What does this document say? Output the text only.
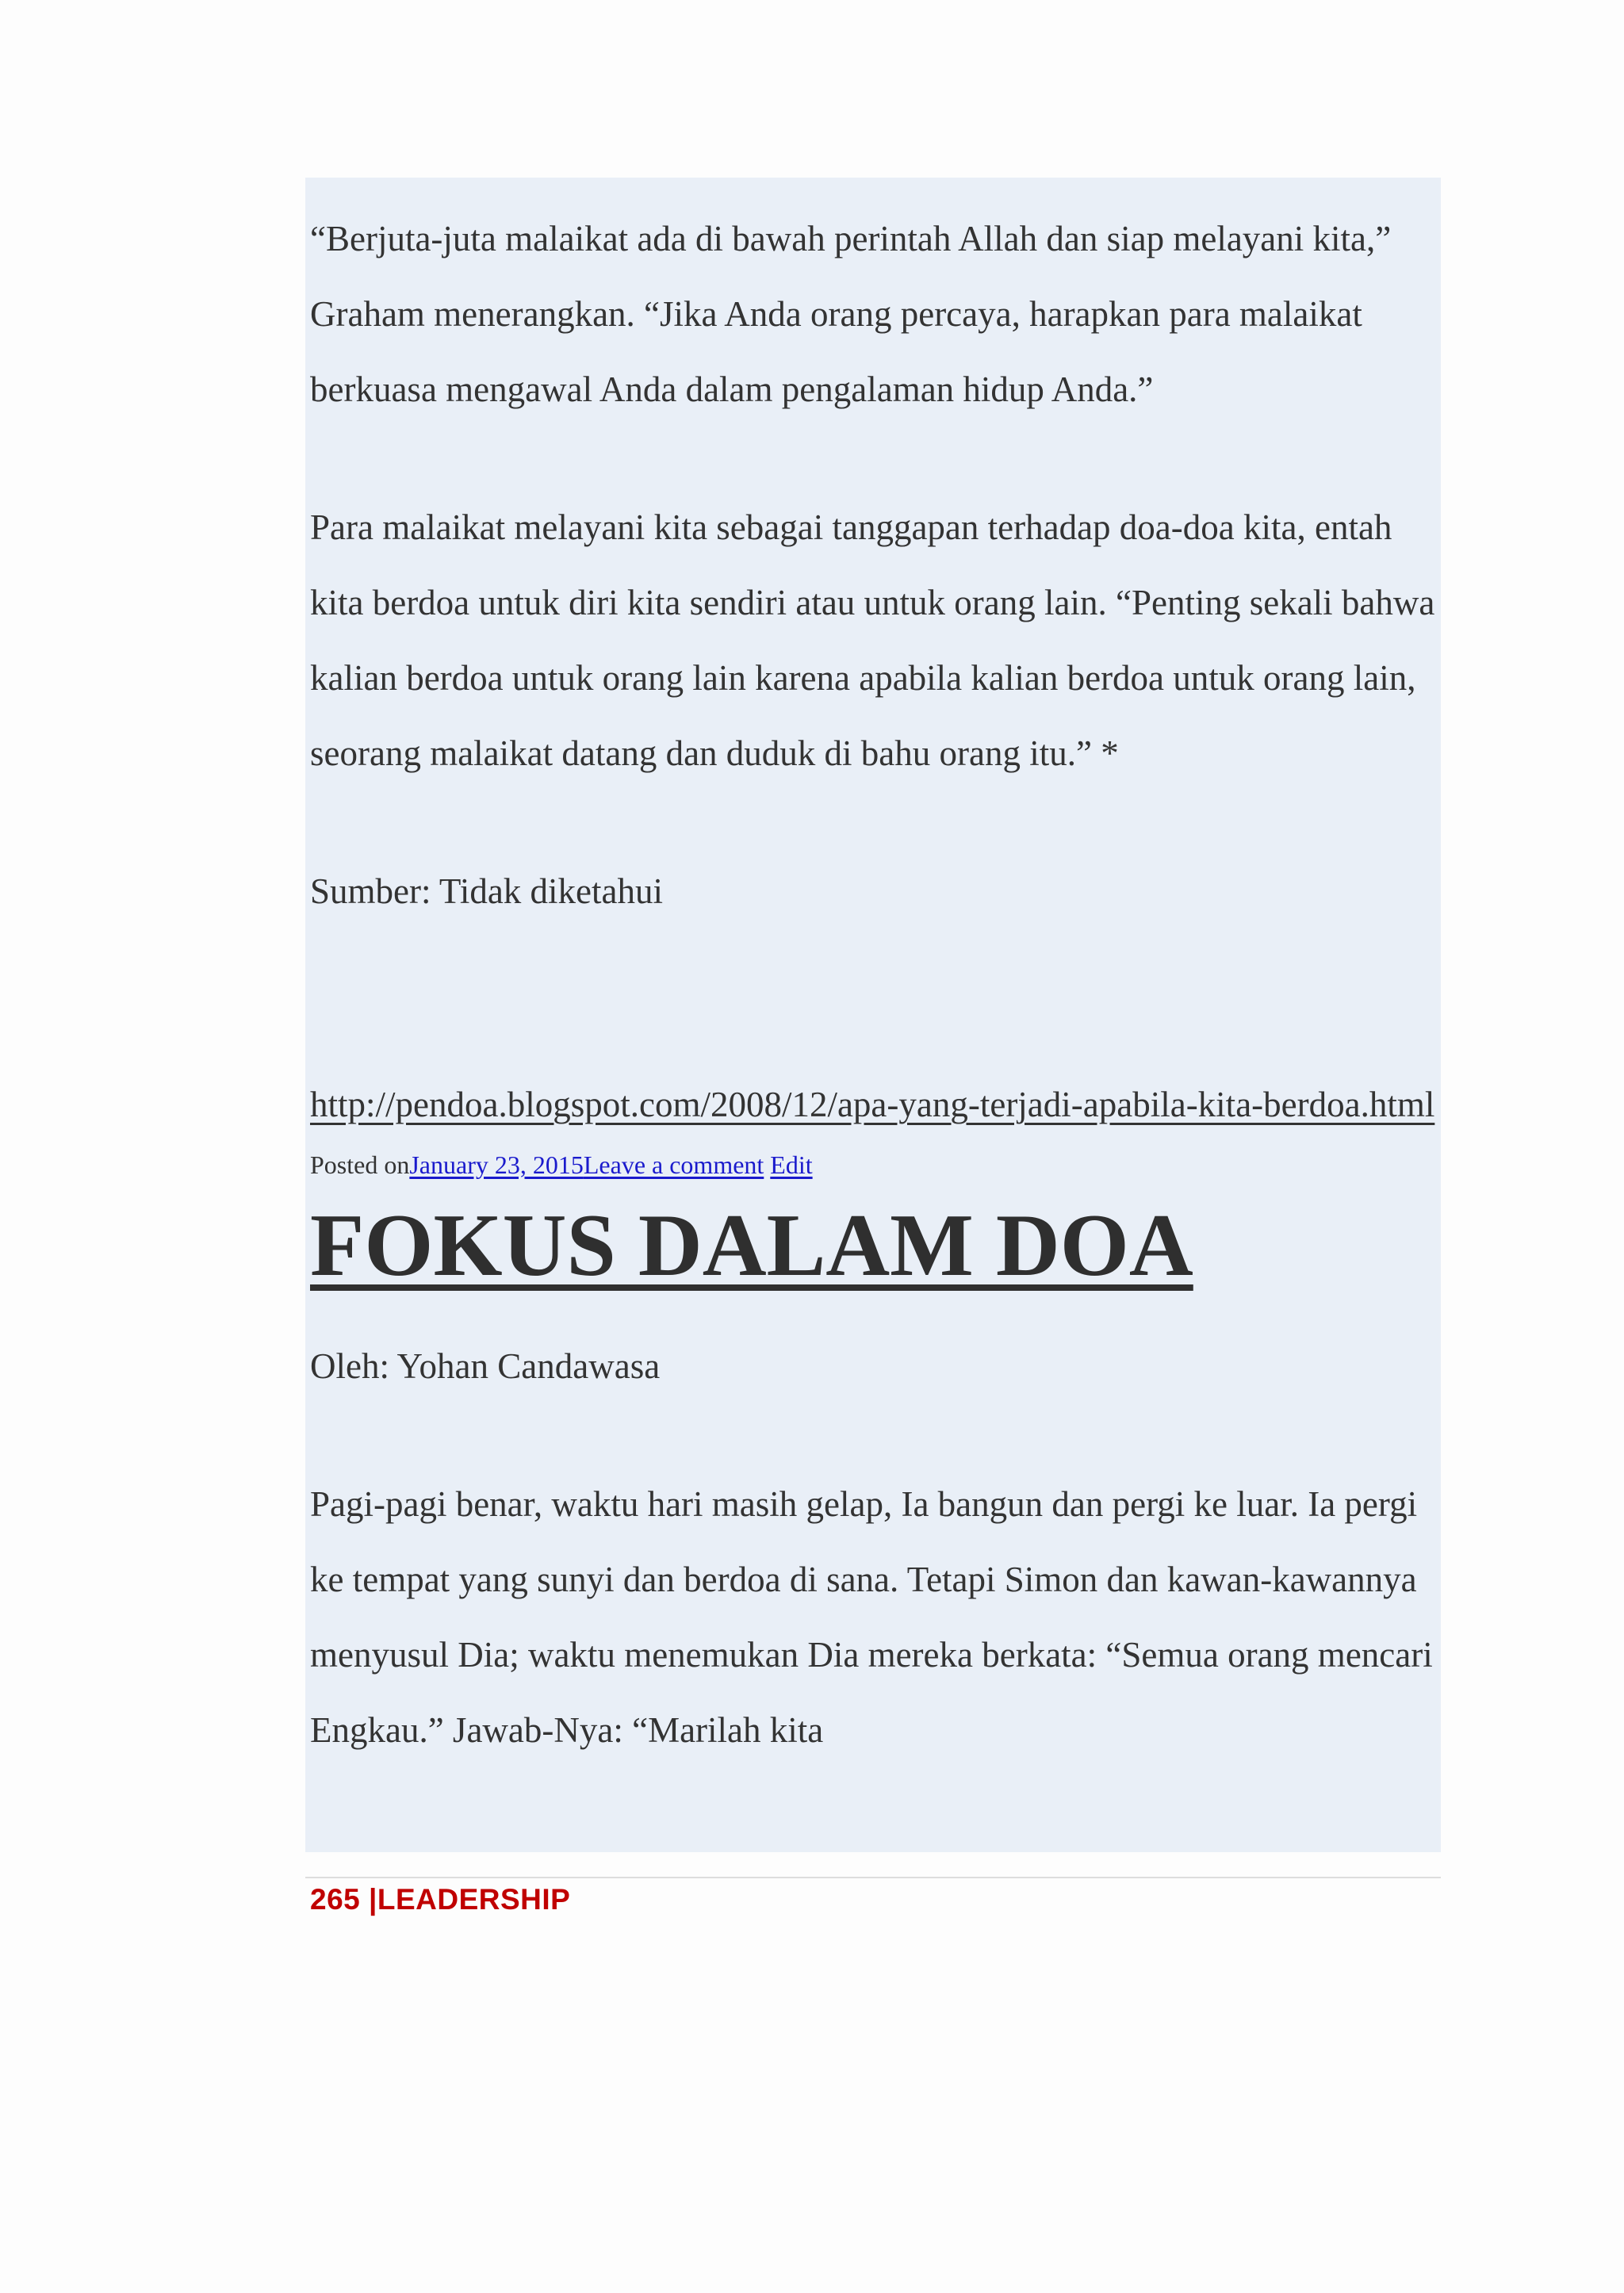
“Berjuta-juta malaikat ada di bawah perintah Allah dan siap melayani kita,” Graham menerangkan. “Jika Anda orang percaya, harapkan para malaikat berkuasa mengawal Anda dalam pengalaman hidup Anda.”

Para malaikat melayani kita sebagai tanggapan terhadap doa-doa kita, entah kita berdoa untuk diri kita sendiri atau untuk orang lain. “Penting sekali bahwa kalian berdoa untuk orang lain karena apabila kalian berdoa untuk orang lain, seorang malaikat datang dan duduk di bahu orang itu.” *

Sumber: Tidak diketahui

http://pendoa.blogspot.com/2008/12/apa-yang-terjadi-apabila-kita-berdoa.html

Posted onJanuary 23, 2015Leave a comment Edit
FOKUS DALAM DOA

Oleh: Yohan Candawasa

Pagi-pagi benar, waktu hari masih gelap, Ia bangun dan pergi ke luar. Ia pergi ke tempat yang sunyi dan berdoa di sana. Tetapi Simon dan kawan-kawannya menyusul Dia; waktu menemukan Dia mereka berkata: “Semua orang mencari Engkau.” Jawab-Nya: “Marilah kita

265 |LEADERSHIP
